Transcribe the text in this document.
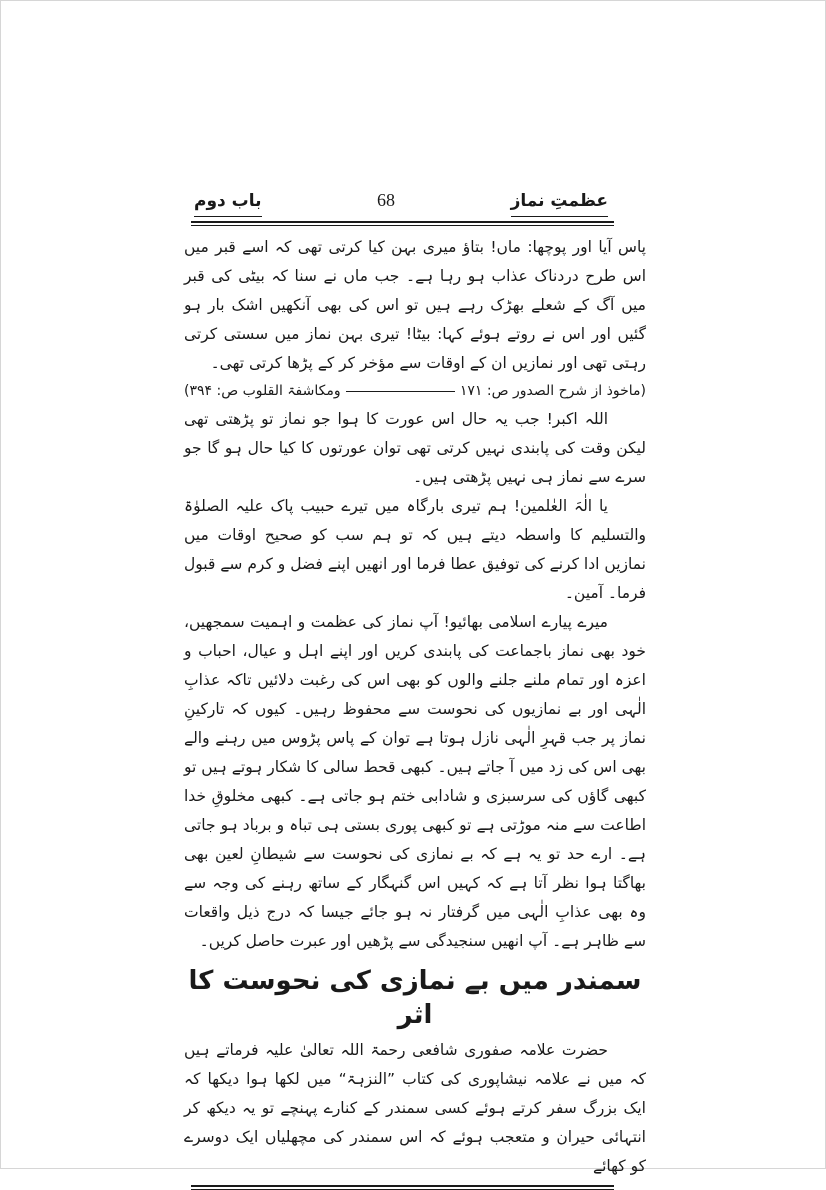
عظمتِ نماز
68
باب دوم

پاس آیا اور پوچھا: ماں! بتاؤ میری بہن کیا کرتی تھی کہ اسے قبر میں اس طرح دردناک عذاب ہو رہا ہے۔ جب ماں نے سنا کہ بیٹی کی قبر میں آگ کے شعلے بھڑک رہے ہیں تو اس کی بھی آنکھیں اشک بار ہو گئیں اور اس نے روتے ہوئے کہا: بیٹا! تیری بہن نماز میں سستی کرتی رہتی تھی اور نمازیں ان کے اوقات سے مؤخر کر کے پڑھا کرتی تھی۔

(ماخوذ از شرح الصدور ص: ۱۷۱
ومکاشفۃ القلوب ص: ۳۹۴)

اللہ اکبر! جب یہ حال اس عورت کا ہوا جو نماز تو پڑھتی تھی لیکن وقت کی پابندی نہیں کرتی تھی توان عورتوں کا کیا حال ہو گا جو سرے سے نماز ہی نہیں پڑھتی ہیں۔

یا الٰہَ العٰلمین! ہم تیری بارگاہ میں تیرے حبیب پاک علیہ الصلوٰۃ والتسلیم کا واسطہ دیتے ہیں کہ تو ہم سب کو صحیح اوقات میں نمازیں ادا کرنے کی توفیق عطا فرما اور انھیں اپنے فضل و کرم سے قبول فرما۔ آمین۔

میرے پیارے اسلامی بھائیو! آپ نماز کی عظمت و اہمیت سمجھیں، خود بھی نماز باجماعت کی پابندی کریں اور اپنے اہل و عیال، احباب و اعزہ اور تمام ملنے جلنے والوں کو بھی اس کی رغبت دلائیں تاکہ عذابِ الٰہی اور بے نمازیوں کی نحوست سے محفوظ رہیں۔ کیوں کہ تارکینِ نماز پر جب قہرِ الٰہی نازل ہوتا ہے توان کے پاس پڑوس میں رہنے والے بھی اس کی زد میں آ جاتے ہیں۔ کبھی قحط سالی کا شکار ہوتے ہیں تو کبھی گاؤں کی سرسبزی و شادابی ختم ہو جاتی ہے۔ کبھی مخلوقِ خدا اطاعت سے منہ موڑتی ہے تو کبھی پوری بستی ہی تباہ و برباد ہو جاتی ہے۔ ارے حد تو یہ ہے کہ بے نمازی کی نحوست سے شیطانِ لعین بھی بھاگتا ہوا نظر آتا ہے کہ کہیں اس گنہگار کے ساتھ رہنے کی وجہ سے وہ بھی عذابِ الٰہی میں گرفتار نہ ہو جائے جیسا کہ درج ذیل واقعات سے ظاہر ہے۔ آپ انھیں سنجیدگی سے پڑھیں اور عبرت حاصل کریں۔

سمندر میں بے نمازی کی نحوست کا اثر

حضرت علامہ صفوری شافعی رحمۃ اللہ تعالیٰ علیہ فرماتے ہیں کہ میں نے علامہ نیشاپوری کی کتاب ”النزہۃ“ میں لکھا ہوا دیکھا کہ ایک بزرگ سفر کرتے ہوئے کسی سمندر کے کنارے پہنچے تو یہ دیکھ کر انتہائی حیران و متعجب ہوئے کہ اس سمندر کی مچھلیاں ایک دوسرے کو کھائے
